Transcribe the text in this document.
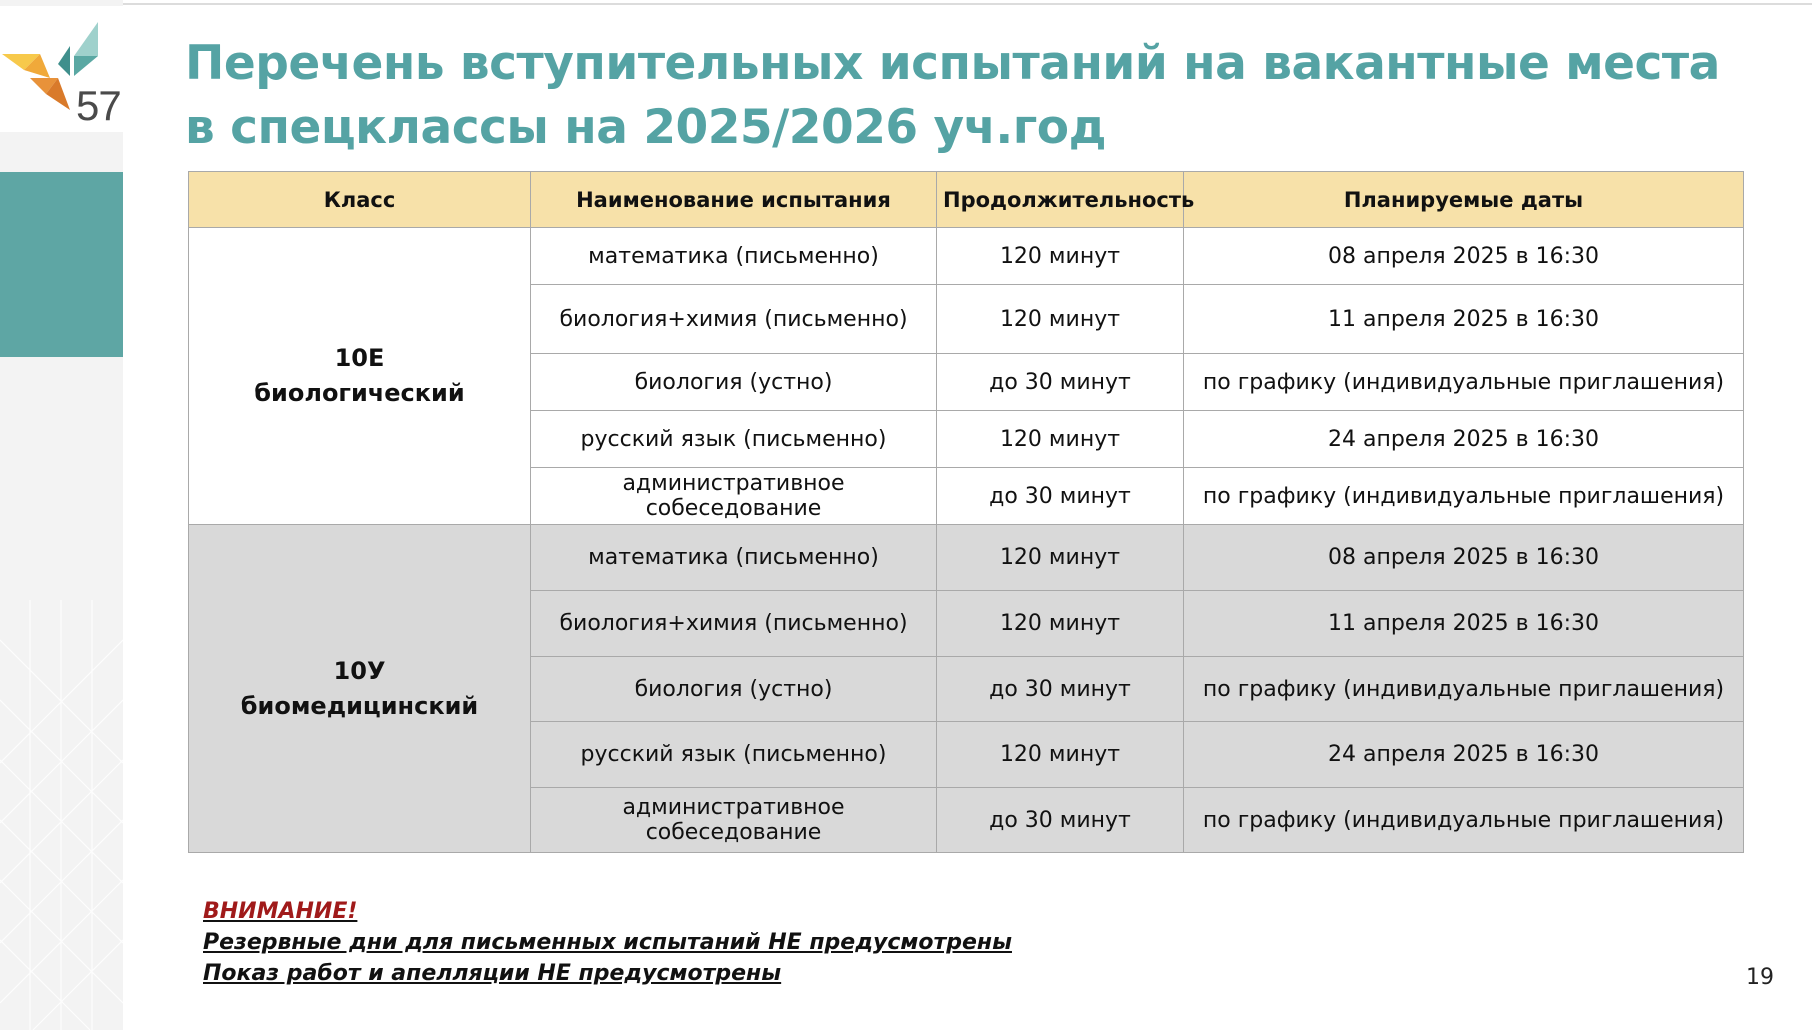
57
Перечень вступительных испытаний на вакантные места
в спецклассы на 2025/2026 уч.год
Класс	Наименование испытания	Продолжительность	Планируемые даты

10Е
биологический	математика (письменно)	120 минут	08 апреля 2025 в 16:30
	биология+химия (письменно)	120 минут	11 апреля 2025 в 16:30
	биология (устно)	до 30 минут	по графику (индивидуальные приглашения)
	русский язык (письменно)	120 минут	24 апреля 2025 в 16:30
	административное собеседование	до 30 минут	по графику (индивидуальные приглашения)

10У
биомедицинский	математика (письменно)	120 минут	08 апреля 2025 в 16:30
	биология+химия (письменно)	120 минут	11 апреля 2025 в 16:30
	биология (устно)	до 30 минут	по графику (индивидуальные приглашения)
	русский язык (письменно)	120 минут	24 апреля 2025 в 16:30
	административное собеседование	до 30 минут	по графику (индивидуальные приглашения)
ВНИМАНИЕ!
Резервные дни для письменных испытаний НЕ предусмотрены
Показ работ и апелляции НЕ предусмотрены	19
